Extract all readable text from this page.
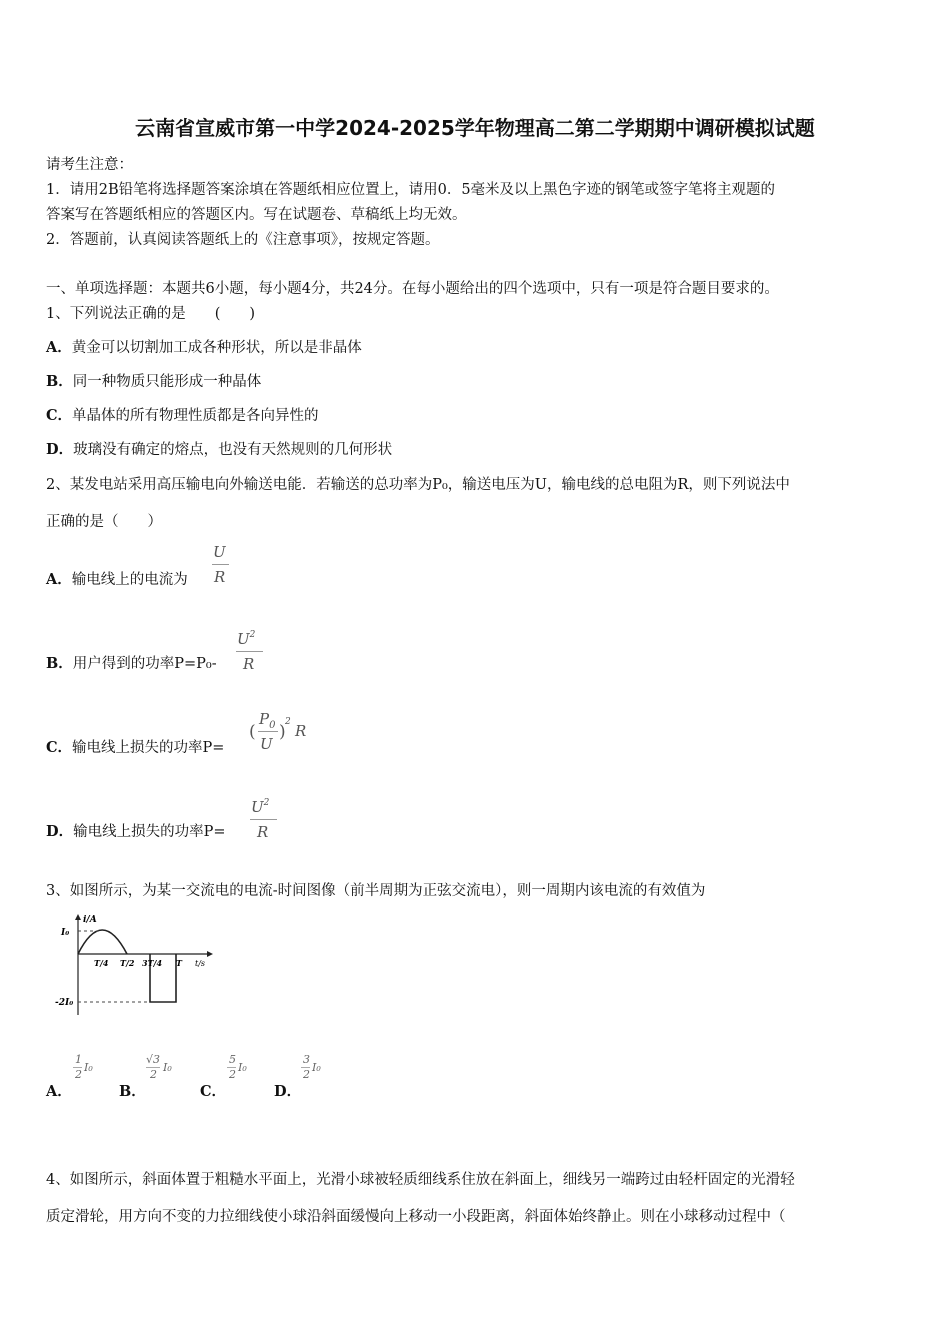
云南省宣威市第一中学2024-2025学年物理高二第二学期期中调研模拟试题
请考生注意：
1．请用2B铅笔将选择题答案涂填在答题纸相应位置上，请用0．5毫米及以上黑色字迹的钢笔或签字笔将主观题的
答案写在答题纸相应的答题区内。写在试题卷、草稿纸上均无效。
2．答题前，认真阅读答题纸上的《注意事项》，按规定答题。
一、单项选择题：本题共6小题，每小题4分，共24分。在每小题给出的四个选项中，只有一项是符合题目要求的。
1、下列说法正确的是　　(　　)
A．黄金可以切割加工成各种形状，所以是非晶体
B．同一种物质只能形成一种晶体
C．单晶体的所有物理性质都是各向异性的
D．玻璃没有确定的熔点，也没有天然规则的几何形状
2、某发电站采用高压输电向外输送电能．若输送的总功率为P₀，输送电压为U，输电线的总电阻为R，则下列说法中
正确的是（　　）
A．输电线上的电流为
U
R
B．用户得到的功率P=P₀-
$U^2$
R
C．输电线上损失的功率P=
(
$P_0$
U
) 2 R
D．输电线上损失的功率P=
$U^2$
R
3、如图所示，为某一交流电的电流-时间图像（前半周期为正弦交流电），则一周期内该电流的有效值为
i/A
t/s
I₀
-2I₀
T/4 T/2 3T/4 T
A．
1
2
I₀
B．
√3
2
I₀
C．
5
2
I₀
D．
3
2
I₀
4、如图所示，斜面体置于粗糙水平面上，光滑小球被轻质细线系住放在斜面上，细线另一端跨过由轻杆固定的光滑轻
质定滑轮，用方向不变的力拉细线使小球沿斜面缓慢向上移动一小段距离，斜面体始终静止。则在小球移动过程中（
